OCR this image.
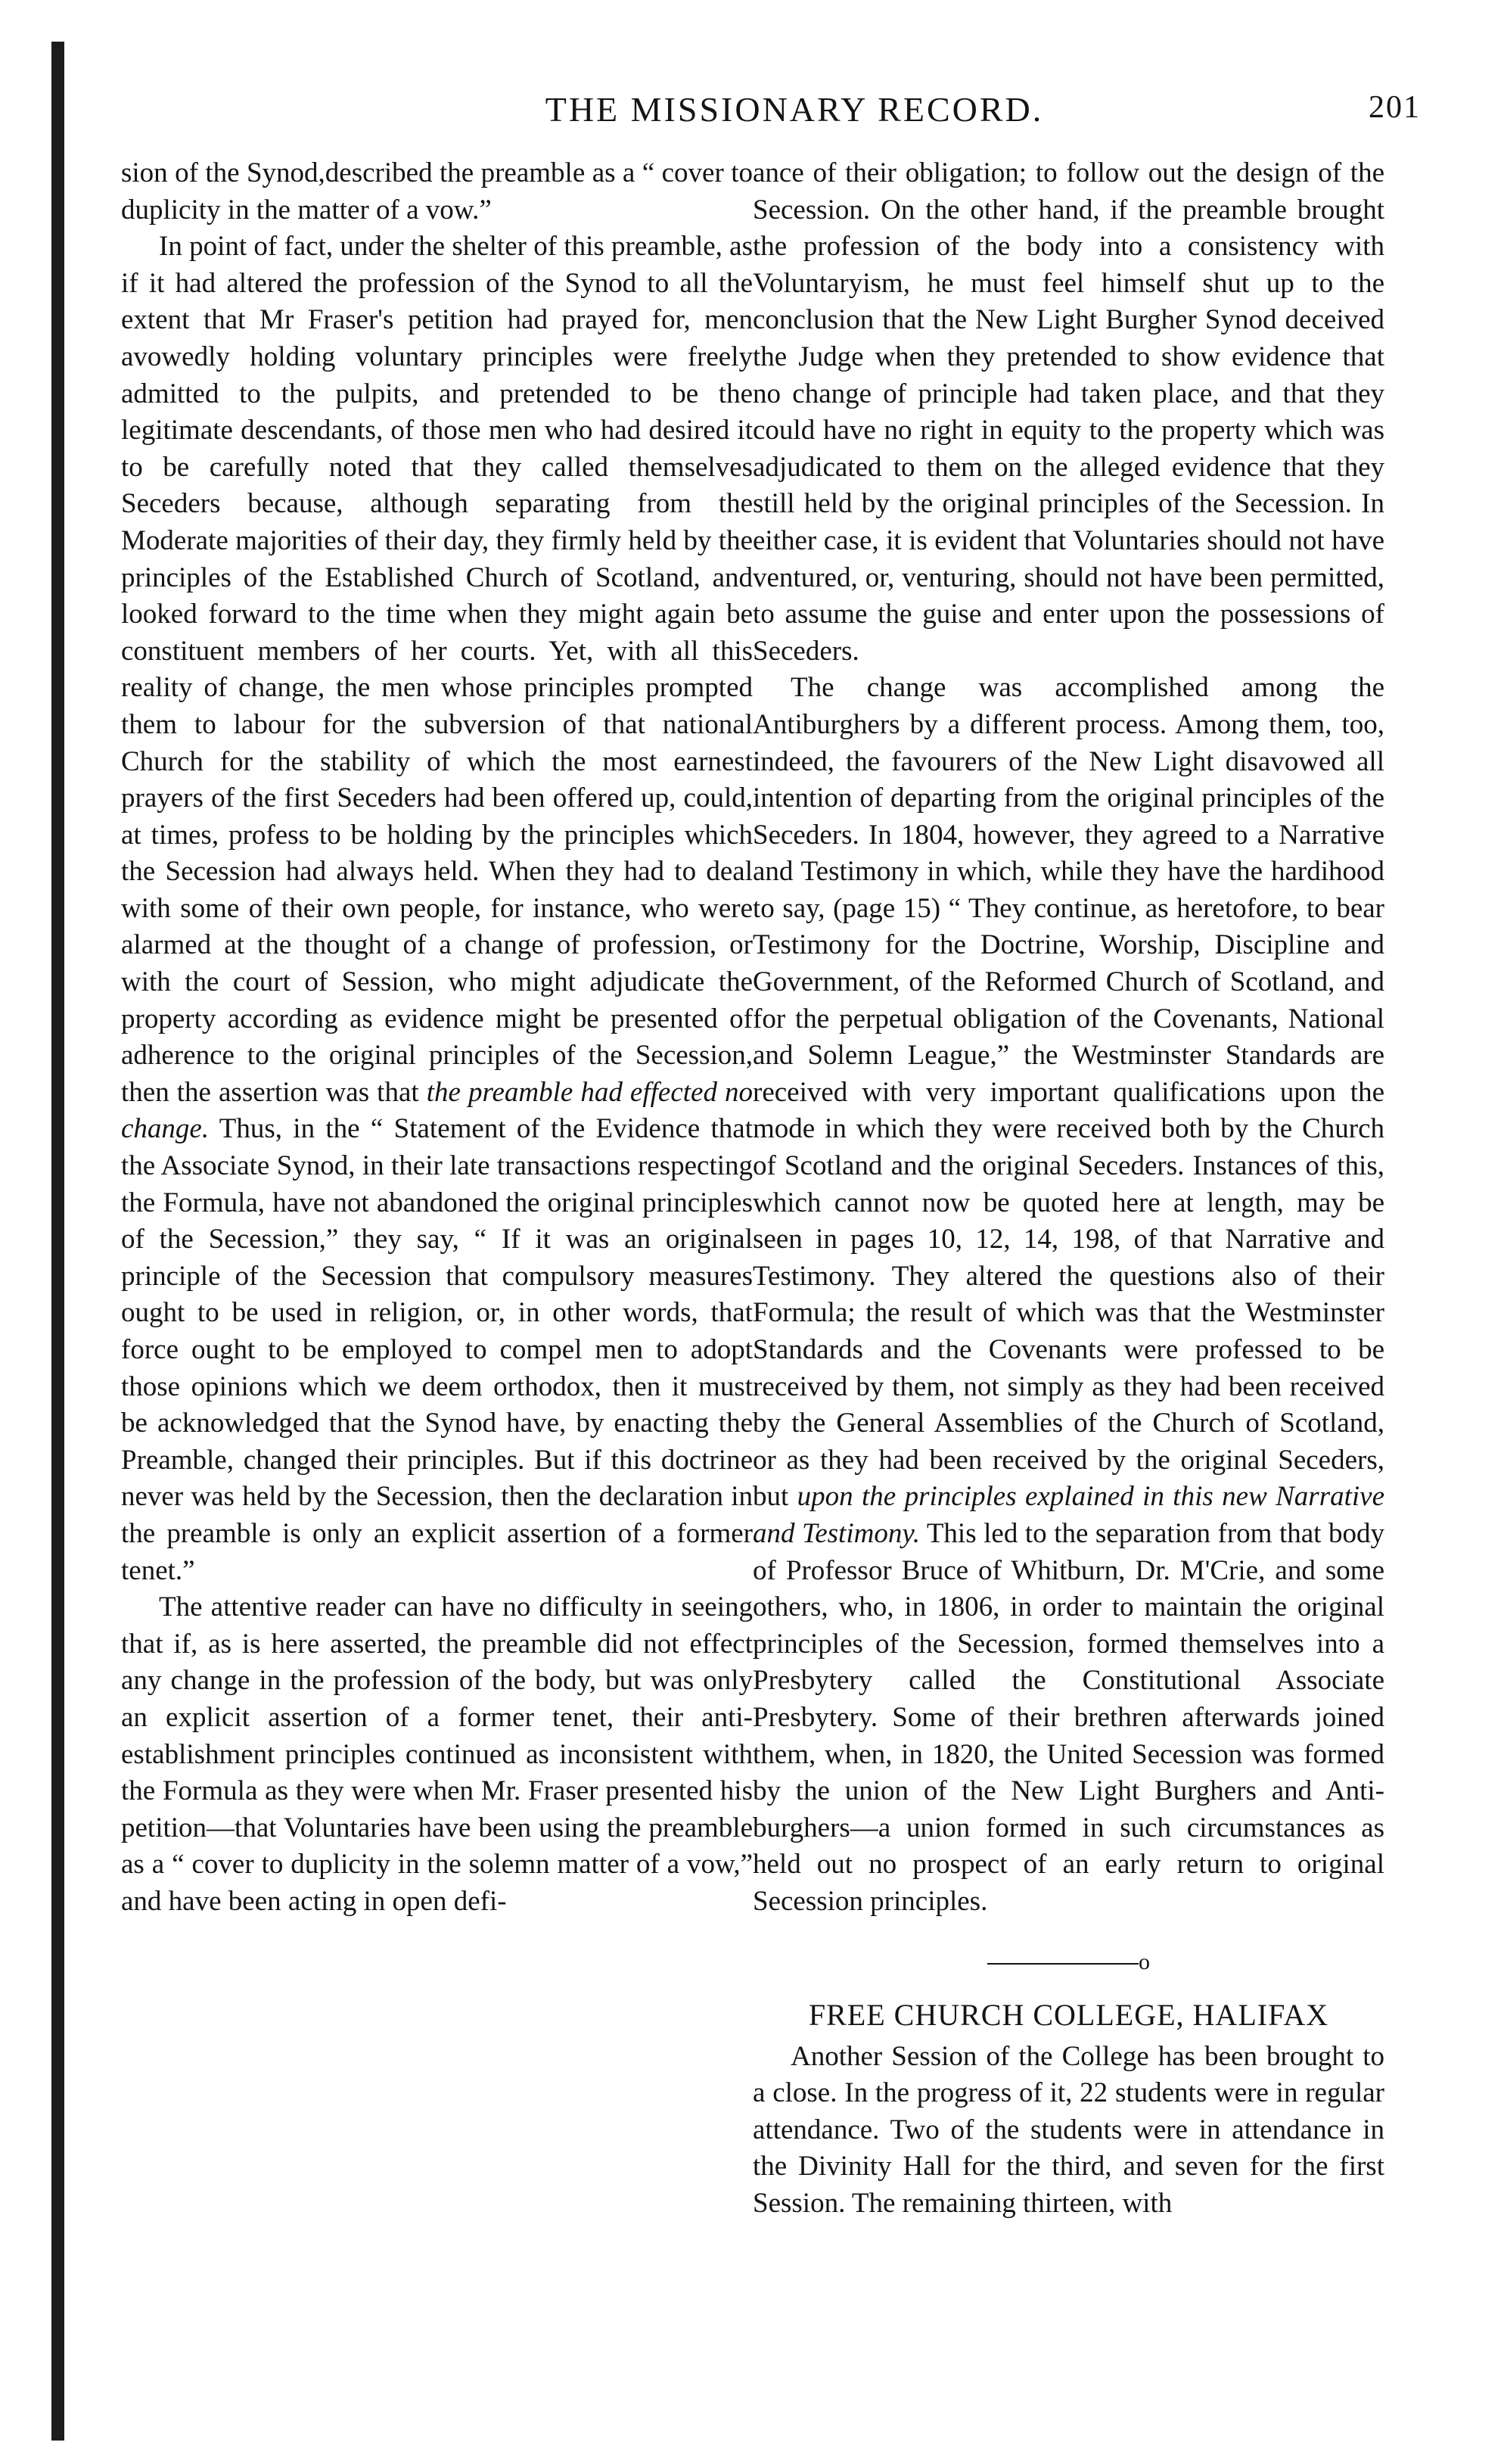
THE MISSIONARY RECORD.	201

sion of the Synod,described the preamble as a “ cover to duplicity in the matter of a vow.”

In point of fact, under the shelter of this preamble, as if it had altered the profession of the Synod to all the extent that Mr Fraser's petition had prayed for, men avowedly holding voluntary principles were freely admitted to the pulpits, and pretended to be the legitimate descendants, of those men who had desired it to be carefully noted that they called themselves Seceders because, although separating from the Moderate majorities of their day, they firmly held by the principles of the Established Church of Scotland, and looked forward to the time when they might again be constituent members of her courts. Yet, with all this reality of change, the men whose principles prompted them to labour for the subversion of that national Church for the stability of which the most earnest prayers of the first Seceders had been offered up, could, at times, profess to be holding by the principles which the Secession had always held. When they had to deal with some of their own people, for instance, who were alarmed at the thought of a change of profession, or with the court of Session, who might adjudicate the property according as evidence might be presented of adherence to the original principles of the Secession, then the assertion was that the preamble had effected no change. Thus, in the “ Statement of the Evidence that the Associate Synod, in their late transactions respecting the Formula, have not abandoned the original principles of the Secession,” they say, “ If it was an original principle of the Secession that compulsory measures ought to be used in religion, or, in other words, that force ought to be employed to compel men to adopt those opinions which we deem orthodox, then it must be acknowledged that the Synod have, by enacting the Preamble, changed their principles. But if this doctrine never was held by the Secession, then the declaration in the preamble is only an explicit assertion of a former tenet.”

The attentive reader can have no difficulty in seeing that if, as is here asserted, the preamble did not effect any change in the profession of the body, but was only an explicit assertion of a former tenet, their anti-establishment principles continued as inconsistent with the Formula as they were when Mr. Fraser presented his petition—that Voluntaries have been using the preamble as a “ cover to duplicity in the solemn matter of a vow,” and have been acting in open defi-

ance of their obligation; to follow out the design of the Secession. On the other hand, if the preamble brought the profession of the body into a consistency with Voluntaryism, he must feel himself shut up to the conclusion that the New Light Burgher Synod deceived the Judge when they pretended to show evidence that no change of principle had taken place, and that they could have no right in equity to the property which was adjudicated to them on the alleged evidence that they still held by the original principles of the Secession. In either case, it is evident that Voluntaries should not have ventured, or, venturing, should not have been permitted, to assume the guise and enter upon the possessions of Seceders.

The change was accomplished among the Antiburghers by a different process. Among them, too, indeed, the favourers of the New Light disavowed all intention of departing from the original principles of the Seceders. In 1804, however, they agreed to a Narrative and Testimony in which, while they have the hardihood to say, (page 15) “ They continue, as heretofore, to bear Testimony for the Doctrine, Worship, Discipline and Government, of the Reformed Church of Scotland, and for the perpetual obligation of the Covenants, National and Solemn League,” the Westminster Standards are received with very important qualifications upon the mode in which they were received both by the Church of Scotland and the original Seceders. Instances of this, which cannot now be quoted here at length, may be seen in pages 10, 12, 14, 198, of that Narrative and Testimony. They altered the questions also of their Formula; the result of which was that the Westminster Standards and the Covenants were professed to be received by them, not simply as they had been received by the General Assemblies of the Church of Scotland, or as they had been received by the original Seceders, but upon the principles explained in this new Narrative and Testimony. This led to the separation from that body of Professor Bruce of Whitburn, Dr. M'Crie, and some others, who, in 1806, in order to maintain the original principles of the Secession, formed themselves into a Presbytery called the Constitutional Associate Presbytery. Some of their brethren afterwards joined them, when, in 1820, the United Secession was formed by the union of the New Light Burghers and Anti-burghers—a union formed in such circumstances as held out no prospect of an early return to original Secession principles.

o
FREE CHURCH COLLEGE, HALIFAX

Another Session of the College has been brought to a close. In the progress of it, 22 students were in regular attendance. Two of the students were in attendance in the Divinity Hall for the third, and seven for the first Session. The remaining thirteen, with
